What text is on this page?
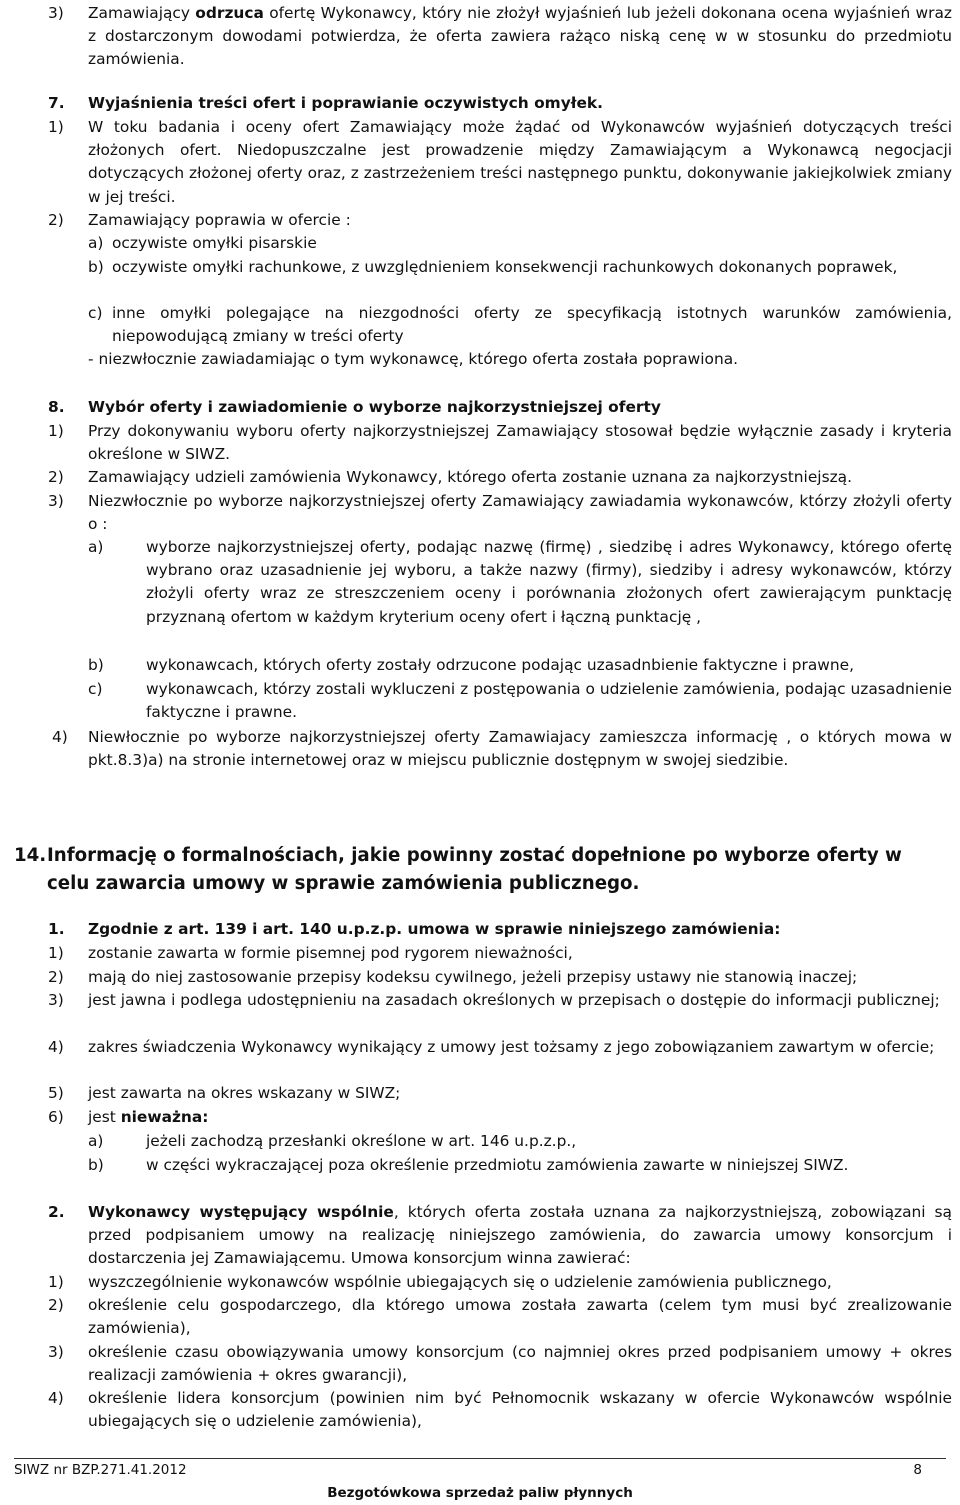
3) Zamawiający odrzuca ofertę Wykonawcy, który nie złożył wyjaśnień lub jeżeli dokonana ocena wyjaśnień wraz z dostarczonym dowodami potwierdza, że oferta zawiera rażąco niską cenę w w stosunku do przedmiotu zamówienia.
7. Wyjaśnienia treści ofert i poprawianie oczywistych omyłek.
1) W toku badania i oceny ofert Zamawiający może żądać od Wykonawców wyjaśnień dotyczących treści złożonych ofert. Niedopuszczalne jest prowadzenie między Zamawiającym a Wykonawcą negocjacji dotyczących złożonej oferty oraz, z zastrzeżeniem treści następnego punktu, dokonywanie jakiejkolwiek zmiany w jej treści.
2) Zamawiający poprawia w ofercie :
a) oczywiste omyłki pisarskie
b) oczywiste omyłki rachunkowe, z uwzględnieniem konsekwencji rachunkowych dokonanych poprawek,
c) inne omyłki polegające na niezgodności oferty ze specyfikacją istotnych warunków zamówienia, niepowodującą zmiany w treści oferty
- niezwłocznie zawiadamiając o tym wykonawcę, którego oferta została poprawiona.
8. Wybór oferty i zawiadomienie o wyborze najkorzystniejszej oferty
1) Przy dokonywaniu wyboru oferty najkorzystniejszej Zamawiający stosował będzie wyłącznie zasady i kryteria określone w SIWZ.
2) Zamawiający udzieli zamówienia Wykonawcy, którego oferta zostanie uznana za najkorzystniejszą.
3) Niezwłocznie po wyborze najkorzystniejszej oferty Zamawiający zawiadamia wykonawców, którzy złożyli oferty o :
a)	wyborze najkorzystniejszej oferty, podając nazwę (firmę) , siedzibę i adres Wykonawcy, którego ofertę wybrano oraz uzasadnienie jej wyboru, a także nazwy (firmy), siedziby i adresy wykonawców, którzy złożyli oferty wraz ze streszczeniem oceny i porównania złożonych ofert zawierającym punktację przyznaną ofertom w każdym kryterium oceny ofert i łączną punktację ,
b)	wykonawcach, których oferty zostały odrzucone podając uzasadnbienie faktyczne i prawne,
c)	wykonawcach, którzy zostali wykluczeni z postępowania o udzielenie zamówienia, podając uzasadnienie faktyczne i prawne.
4) Niewłocznie po wyborze najkorzystniejszej oferty Zamawiajacy zamieszcza informację , o których mowa w pkt.8.3)a) na stronie internetowej oraz w miejscu publicznie dostępnym w swojej siedzibie.
14. Informację o formalnościach, jakie powinny zostać dopełnione po wyborze oferty w celu zawarcia umowy w sprawie zamówienia publicznego.
1. Zgodnie z art. 139 i art. 140 u.p.z.p. umowa w sprawie niniejszego zamówienia:
1) zostanie zawarta w formie pisemnej pod rygorem nieważności,
2) mają do niej zastosowanie przepisy kodeksu cywilnego, jeżeli przepisy ustawy nie stanowią inaczej;
3) jest jawna i podlega udostępnieniu na zasadach określonych w przepisach o dostępie do informacji publicznej;
4) zakres świadczenia Wykonawcy wynikający z umowy jest tożsamy z jego zobowiązaniem zawartym w ofercie;
5) jest zawarta na okres wskazany w SIWZ;
6) jest nieważna:
a)	jeżeli zachodzą przesłanki określone w art. 146 u.p.z.p.,
b)	w części wykraczającej poza określenie przedmiotu zamówienia zawarte w niniejszej SIWZ.
2. Wykonawcy występujący wspólnie, których oferta została uznana za najkorzystniejszą, zobowiązani są przed podpisaniem umowy na realizację niniejszego zamówienia, do zawarcia umowy konsorcjum i dostarczenia jej Zamawiającemu. Umowa konsorcjum winna zawierać:
1) wyszczególnienie wykonawców wspólnie ubiegających się o udzielenie zamówienia publicznego,
2) określenie celu gospodarczego, dla którego umowa została zawarta (celem tym musi być zrealizowanie zamówienia),
3) określenie czasu obowiązywania umowy konsorcjum (co najmniej okres przed podpisaniem umowy + okres realizacji zamówienia + okres gwarancji),
4) określenie lidera konsorcjum (powinien nim być Pełnomocnik wskazany w ofercie Wykonawców wspólnie ubiegających się o udzielenie zamówienia),
SIWZ nr BZP.271.41.2012	8
Bezgotówkowa sprzedaż paliw płynnych
